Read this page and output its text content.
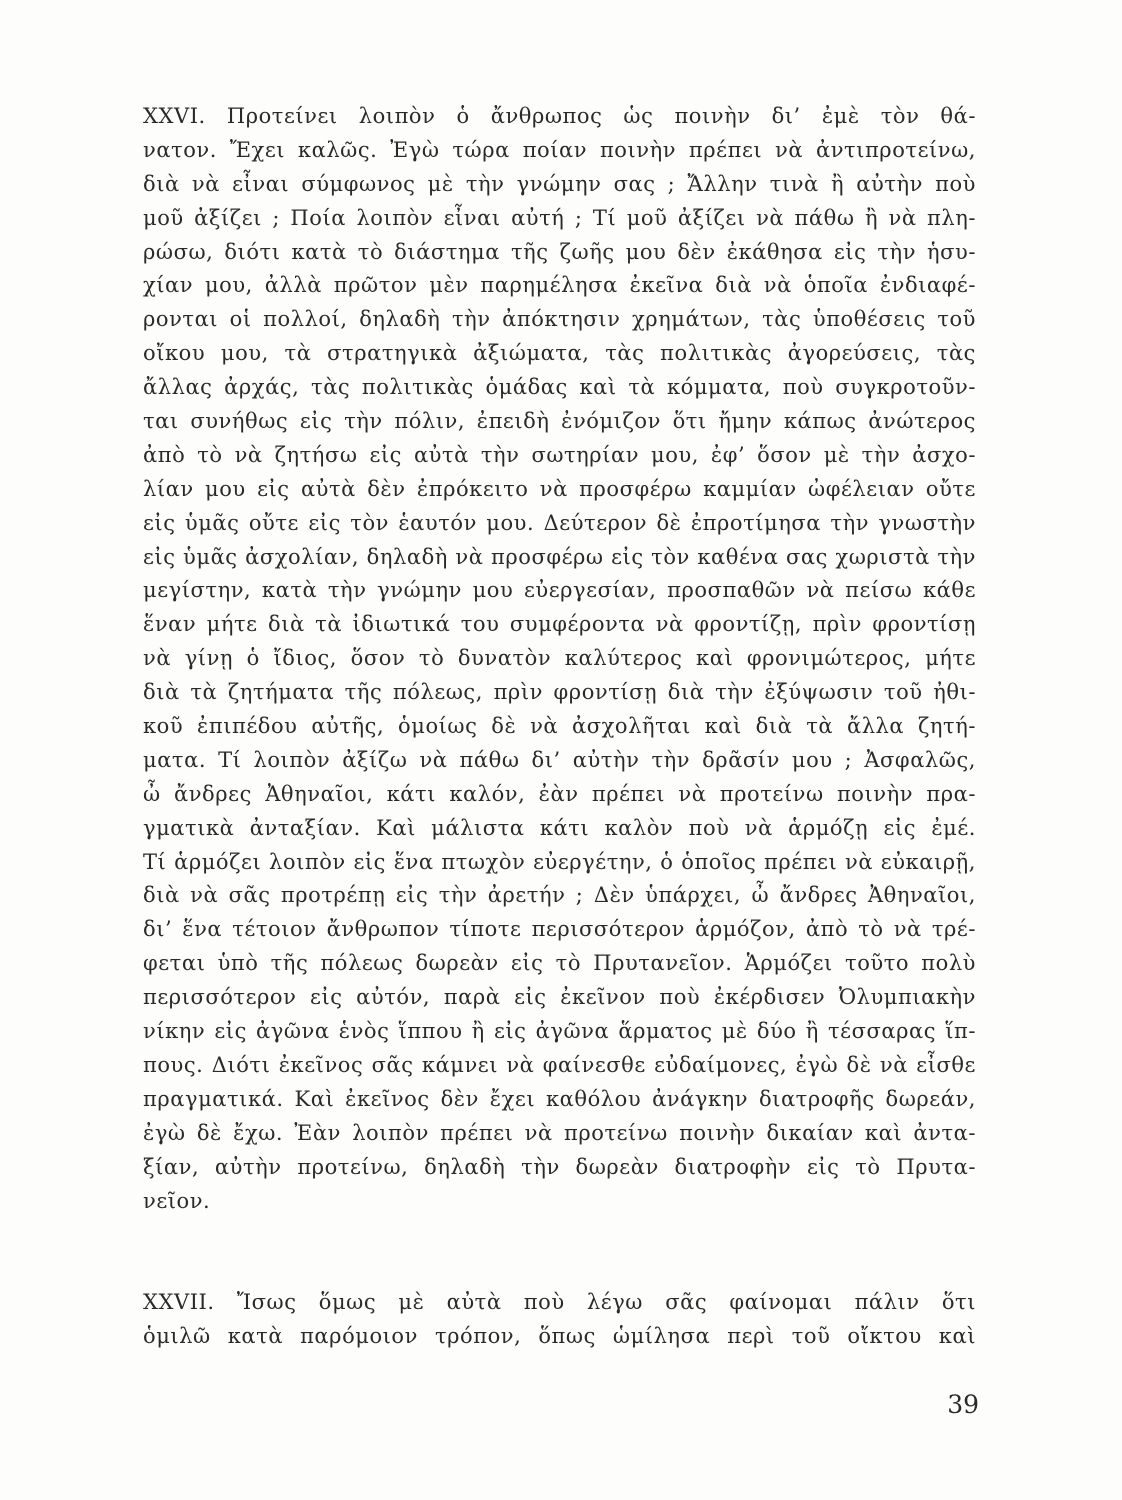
XXVI. Προτείνει λοιπὸν ὁ ἄνθρωπος ὡς ποινὴν δι’ ἐμὲ τὸν θά-
νατον. Ἔχει καλῶς. Ἐγὼ τώρα ποίαν ποινὴν πρέπει νὰ ἀντιπροτείνω,
διὰ νὰ εἶναι σύμφωνος μὲ τὴν γνώμην σας ; Ἄλλην τινὰ ἢ αὐτὴν ποὺ
μοῦ ἀξίζει ; Ποία λοιπὸν εἶναι αὐτή ; Τί μοῦ ἀξίζει νὰ πάθω ἢ νὰ πλη-
ρώσω, διότι κατὰ τὸ διάστημα τῆς ζωῆς μου δὲν ἐκάθησα εἰς τὴν ἡσυ-
χίαν μου, ἀλλὰ πρῶτον μὲν παρημέλησα ἐκεῖνα διὰ νὰ ὁποῖα ἐνδιαφέ-
ρονται οἱ πολλοί, δηλαδὴ τὴν ἀπόκτησιν χρημάτων, τὰς ὑποθέσεις τοῦ
οἴκου μου, τὰ στρατηγικὰ ἀξιώματα, τὰς πολιτικὰς ἀγορεύσεις, τὰς
ἄλλας ἀρχάς, τὰς πολιτικὰς ὁμάδας καὶ τὰ κόμματα, ποὺ συγκροτοῦν-
ται συνήθως εἰς τὴν πόλιν, ἐπειδὴ ἐνόμιζον ὅτι ἤμην κάπως ἀνώτερος
ἀπὸ τὸ νὰ ζητήσω εἰς αὐτὰ τὴν σωτηρίαν μου, ἐφ’ ὅσον μὲ τὴν ἀσχο-
λίαν μου εἰς αὐτὰ δὲν ἐπρόκειτο νὰ προσφέρω καμμίαν ὠφέλειαν οὔτε
εἰς ὑμᾶς οὔτε εἰς τὸν ἑαυτόν μου. Δεύτερον δὲ ἐπροτίμησα τὴν γνωστὴν
εἰς ὑμᾶς ἀσχολίαν, δηλαδὴ νὰ προσφέρω εἰς τὸν καθένα σας χωριστὰ τὴν
μεγίστην, κατὰ τὴν γνώμην μου εὐεργεσίαν, προσπαθῶν νὰ πείσω κάθε
ἕναν μήτε διὰ τὰ ἰδιωτικά του συμφέροντα νὰ φροντίζῃ, πρὶν φροντίσῃ
νὰ γίνῃ ὁ ἴδιος, ὅσον τὸ δυνατὸν καλύτερος καὶ φρονιμώτερος, μήτε
διὰ τὰ ζητήματα τῆς πόλεως, πρὶν φροντίσῃ διὰ τὴν ἐξύψωσιν τοῦ ἠθι-
κοῦ ἐπιπέδου αὐτῆς, ὁμοίως δὲ νὰ ἀσχολῆται καὶ διὰ τὰ ἄλλα ζητή-
ματα. Τί λοιπὸν ἀξίζω νὰ πάθω δι’ αὐτὴν τὴν δρᾶσίν μου ; Ἀσφαλῶς,
ὦ ἄνδρες Ἀθηναῖοι, κάτι καλόν, ἐὰν πρέπει νὰ προτείνω ποινὴν πρα-
γματικὰ ἀνταξίαν. Καὶ μάλιστα κάτι καλὸν ποὺ νὰ ἁρμόζῃ εἰς ἐμέ.
Τί ἁρμόζει λοιπὸν εἰς ἕνα πτωχὸν εὐεργέτην, ὁ ὁποῖος πρέπει νὰ εὐκαιρῇ,
διὰ νὰ σᾶς προτρέπῃ εἰς τὴν ἀρετήν ; Δὲν ὑπάρχει, ὦ ἄνδρες Ἀθηναῖοι,
δι’ ἕνα τέτοιον ἄνθρωπον τίποτε περισσότερον ἁρμόζον, ἀπὸ τὸ νὰ τρέ-
φεται ὑπὸ τῆς πόλεως δωρεὰν εἰς τὸ Πρυτανεῖον. Ἁρμόζει τοῦτο πολὺ
περισσότερον εἰς αὐτόν, παρὰ εἰς ἐκεῖνον ποὺ ἐκέρδισεν Ὀλυμπιακὴν
νίκην εἰς ἀγῶνα ἑνὸς ἵππου ἢ εἰς ἀγῶνα ἅρματος μὲ δύο ἢ τέσσαρας ἵπ-
πους. Διότι ἐκεῖνος σᾶς κάμνει νὰ φαίνεσθε εὐδαίμονες, ἐγὼ δὲ νὰ εἶσθε
πραγματικά. Καὶ ἐκεῖνος δὲν ἔχει καθόλου ἀνάγκην διατροφῆς δωρεάν,
ἐγὼ δὲ ἔχω. Ἐὰν λοιπὸν πρέπει νὰ προτείνω ποινὴν δικαίαν καὶ ἀντα-
ξίαν, αὐτὴν προτείνω, δηλαδὴ τὴν δωρεὰν διατροφὴν εἰς τὸ Πρυτα-
νεῖον.
XXVII. Ἴσως ὅμως μὲ αὐτὰ ποὺ λέγω σᾶς φαίνομαι πάλιν ὅτι
ὁμιλῶ κατὰ παρόμοιον τρόπον, ὅπως ὡμίλησα περὶ τοῦ οἴκτου καὶ
39
